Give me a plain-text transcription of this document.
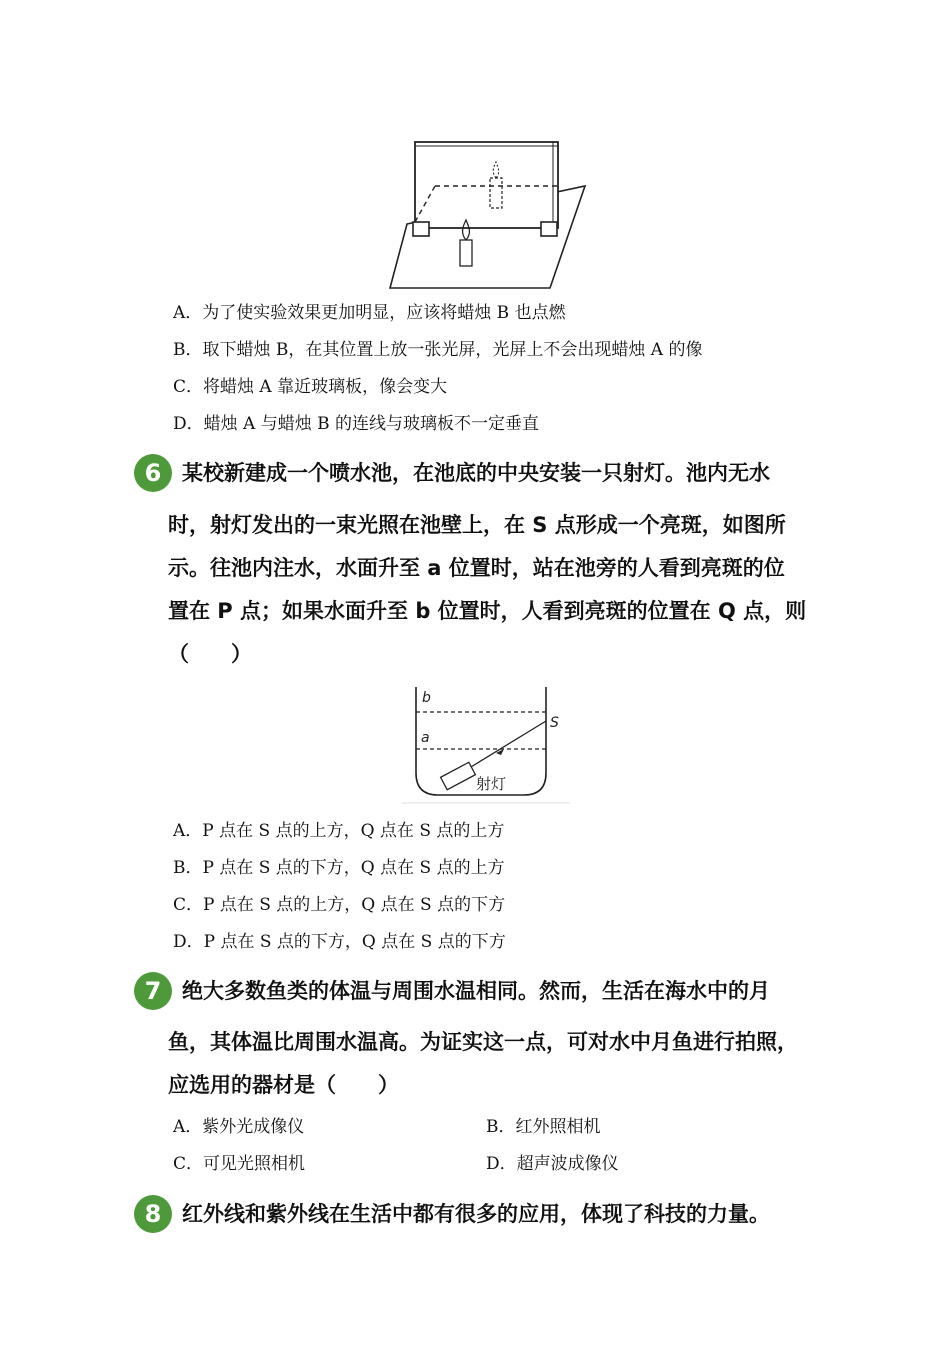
A．为了使实验效果更加明显，应该将蜡烛 B 也点燃
B．取下蜡烛 B，在其位置上放一张光屏，光屏上不会出现蜡烛 A 的像
C．将蜡烛 A 靠近玻璃板，像会变大
D．蜡烛 A 与蜡烛 B 的连线与玻璃板不一定垂直
6 某校新建成一个喷水池，在池底的中央安装一只射灯。池内无水
时，射灯发出的一束光照在池壁上，在 S 点形成一个亮斑，如图所
示。往池内注水，水面升至 a 位置时，站在池旁的人看到亮斑的位
置在 P 点；如果水面升至 b 位置时，人看到亮斑的位置在 Q 点，则
（　　）
b
a
S
射灯
A．P 点在 S 点的上方，Q 点在 S 点的上方
B．P 点在 S 点的下方，Q 点在 S 点的上方
C．P 点在 S 点的上方，Q 点在 S 点的下方
D．P 点在 S 点的下方，Q 点在 S 点的下方
7 绝大多数鱼类的体温与周围水温相同。然而，生活在海水中的月
鱼，其体温比周围水温高。为证实这一点，可对水中月鱼进行拍照，
应选用的器材是（　　）
A．紫外光成像仪	B．红外照相机
C．可见光照相机	D．超声波成像仪
8 红外线和紫外线在生活中都有很多的应用，体现了科技的力量。
